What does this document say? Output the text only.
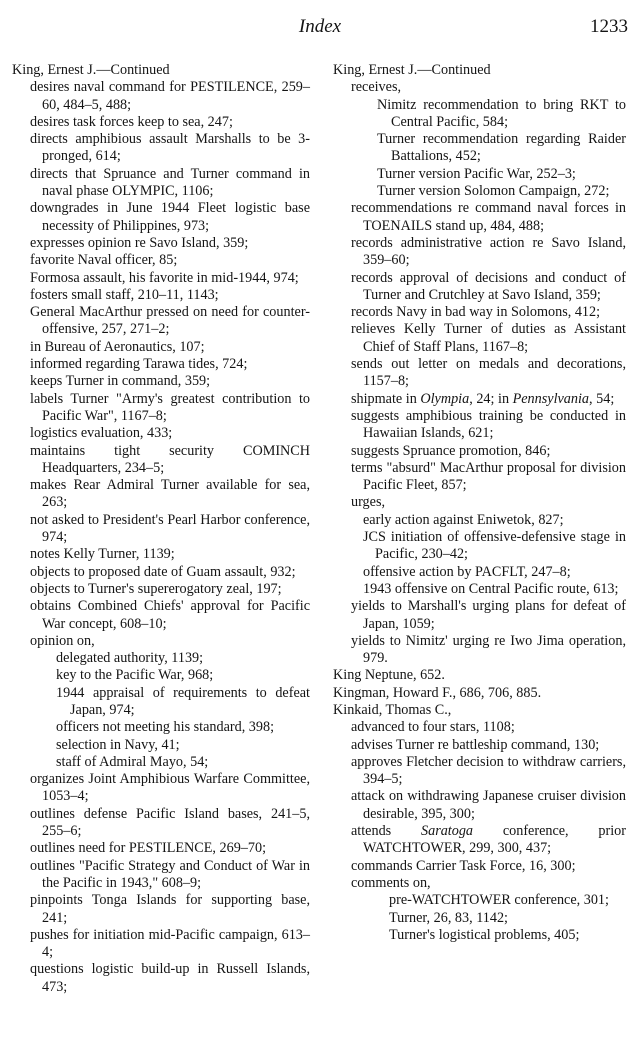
Index	1233
King, Ernest J.—Continued
desires naval command for PESTILENCE, 259–60, 484–5, 488;
desires task forces keep to sea, 247;
directs amphibious assault Marshalls to be 3-pronged, 614;
directs that Spruance and Turner command in naval phase OLYMPIC, 1106;
downgrades in June 1944 Fleet logistic base necessity of Philippines, 973;
expresses opinion re Savo Island, 359;
favorite Naval officer, 85;
Formosa assault, his favorite in mid-1944, 974;
fosters small staff, 210–11, 1143;
General MacArthur pressed on need for counter-offensive, 257, 271–2;
in Bureau of Aeronautics, 107;
informed regarding Tarawa tides, 724;
keeps Turner in command, 359;
labels Turner "Army's greatest contribution to Pacific War", 1167–8;
logistics evaluation, 433;
maintains tight security COMINCH Headquarters, 234–5;
makes Rear Admiral Turner available for sea, 263;
not asked to President's Pearl Harbor conference, 974;
notes Kelly Turner, 1139;
objects to proposed date of Guam assault, 932;
objects to Turner's supererogatory zeal, 197;
obtains Combined Chiefs' approval for Pacific War concept, 608–10;
opinion on,
delegated authority, 1139;
key to the Pacific War, 968;
1944 appraisal of requirements to defeat Japan, 974;
officers not meeting his standard, 398;
selection in Navy, 41;
staff of Admiral Mayo, 54;
organizes Joint Amphibious Warfare Committee, 1053–4;
outlines defense Pacific Island bases, 241–5, 255–6;
outlines need for PESTILENCE, 269–70;
outlines "Pacific Strategy and Conduct of War in the Pacific in 1943," 608–9;
pinpoints Tonga Islands for supporting base, 241;
pushes for initiation mid-Pacific campaign, 613–4;
questions logistic build-up in Russell Islands, 473;
King, Ernest J.—Continued
receives,
Nimitz recommendation to bring RKT to Central Pacific, 584;
Turner recommendation regarding Raider Battalions, 452;
Turner version Pacific War, 252–3;
Turner version Solomon Campaign, 272;
recommendations re command naval forces in TOENAILS stand up, 484, 488;
records administrative action re Savo Island, 359–60;
records approval of decisions and conduct of Turner and Crutchley at Savo Island, 359;
records Navy in bad way in Solomons, 412;
relieves Kelly Turner of duties as Assistant Chief of Staff Plans, 1167–8;
sends out letter on medals and decorations, 1157–8;
shipmate in Olympia, 24; in Pennsylvania, 54;
suggests amphibious training be conducted in Hawaiian Islands, 621;
suggests Spruance promotion, 846;
terms "absurd" MacArthur proposal for division Pacific Fleet, 857;
urges,
early action against Eniwetok, 827;
JCS initiation of offensive-defensive stage in Pacific, 230–42;
offensive action by PACFLT, 247–8;
1943 offensive on Central Pacific route, 613;
yields to Marshall's urging plans for defeat of Japan, 1059;
yields to Nimitz' urging re Iwo Jima operation, 979.
King Neptune, 652.
Kingman, Howard F., 686, 706, 885.
Kinkaid, Thomas C.,
advanced to four stars, 1108;
advises Turner re battleship command, 130;
approves Fletcher decision to withdraw carriers, 394–5;
attack on withdrawing Japanese cruiser division desirable, 395, 300;
attends Saratoga conference, prior WATCHTOWER, 299, 300, 437;
commands Carrier Task Force, 16, 300;
comments on,
pre-WATCHTOWER conference, 301;
Turner, 26, 83, 1142;
Turner's logistical problems, 405;
